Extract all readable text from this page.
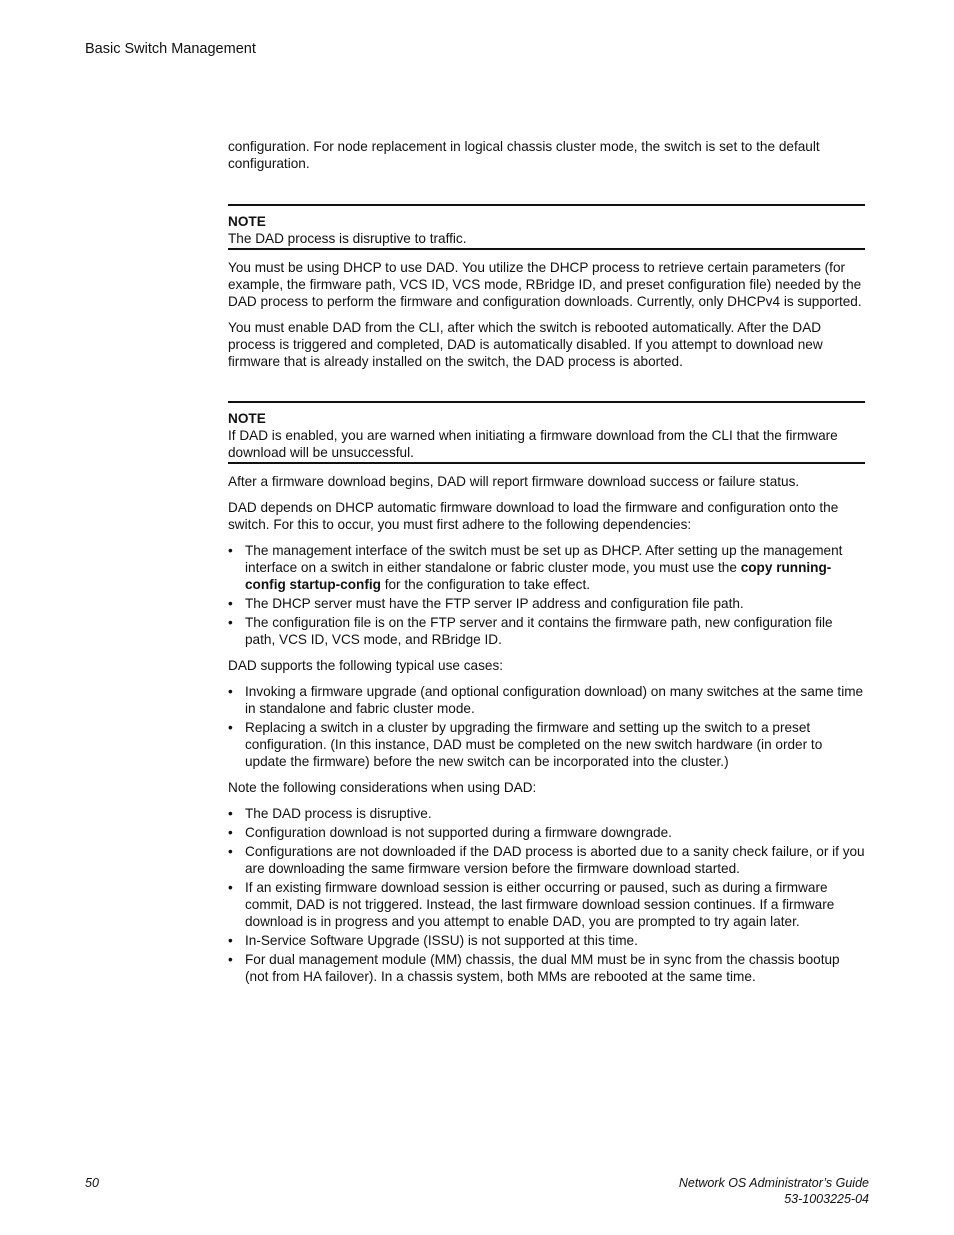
Basic Switch Management

configuration. For node replacement in logical chassis cluster mode, the switch is set to the default configuration.

NOTE
The DAD process is disruptive to traffic.

You must be using DHCP to use DAD. You utilize the DHCP process to retrieve certain parameters (for example, the firmware path, VCS ID, VCS mode, RBridge ID, and preset configuration file) needed by the DAD process to perform the firmware and configuration downloads. Currently, only DHCPv4 is supported.

You must enable DAD from the CLI, after which the switch is rebooted automatically. After the DAD process is triggered and completed, DAD is automatically disabled. If you attempt to download new firmware that is already installed on the switch, the DAD process is aborted.

NOTE
If DAD is enabled, you are warned when initiating a firmware download from the CLI that the firmware download will be unsuccessful.

After a firmware download begins, DAD will report firmware download success or failure status.

DAD depends on DHCP automatic firmware download to load the firmware and configuration onto the switch. For this to occur, you must first adhere to the following dependencies:

• The management interface of the switch must be set up as DHCP. After setting up the management interface on a switch in either standalone or fabric cluster mode, you must use the copy running-config startup-config for the configuration to take effect.
• The DHCP server must have the FTP server IP address and configuration file path.
• The configuration file is on the FTP server and it contains the firmware path, new configuration file path, VCS ID, VCS mode, and RBridge ID.

DAD supports the following typical use cases:

• Invoking a firmware upgrade (and optional configuration download) on many switches at the same time in standalone and fabric cluster mode.
• Replacing a switch in a cluster by upgrading the firmware and setting up the switch to a preset configuration. (In this instance, DAD must be completed on the new switch hardware (in order to update the firmware) before the new switch can be incorporated into the cluster.)

Note the following considerations when using DAD:

• The DAD process is disruptive.
• Configuration download is not supported during a firmware downgrade.
• Configurations are not downloaded if the DAD process is aborted due to a sanity check failure, or if you are downloading the same firmware version before the firmware download started.
• If an existing firmware download session is either occurring or paused, such as during a firmware commit, DAD is not triggered. Instead, the last firmware download session continues. If a firmware download is in progress and you attempt to enable DAD, you are prompted to try again later.
• In-Service Software Upgrade (ISSU) is not supported at this time.
• For dual management module (MM) chassis, the dual MM must be in sync from the chassis bootup (not from HA failover). In a chassis system, both MMs are rebooted at the same time.
50	Network OS Administrator’s Guide
53-1003225-04
